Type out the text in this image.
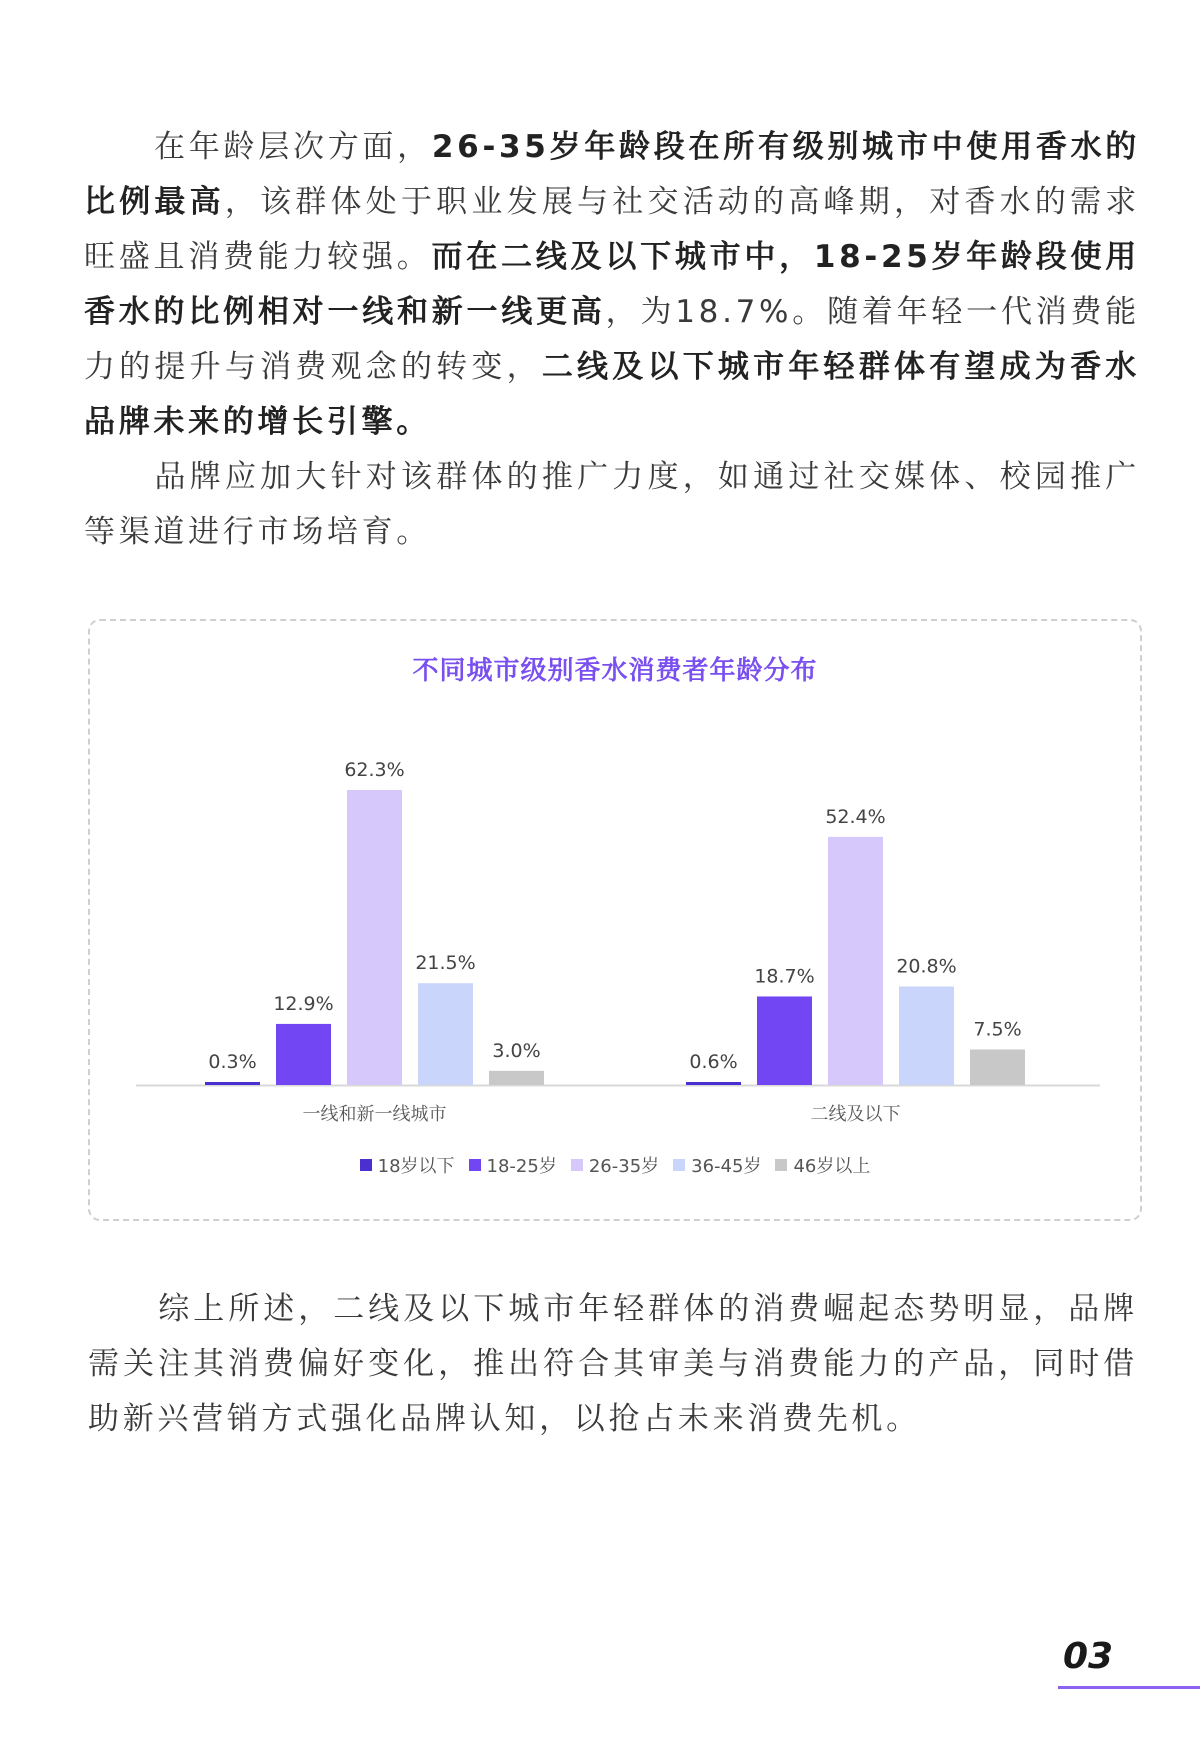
在年龄层次方面，26-35岁年龄段在所有级别城市中使用香水的比例最高，该群体处于职业发展与社交活动的高峰期，对香水的需求旺盛且消费能力较强。而在二线及以下城市中，18-25岁年龄段使用香水的比例相对一线和新一线更高，为18.7%。随着年轻一代消费能力的提升与消费观念的转变，二线及以下城市年轻群体有望成为香水品牌未来的增长引擎。

品牌应加大针对该群体的推广力度，如通过社交媒体、校园推广等渠道进行市场培育。

不同城市级别香水消费者年龄分布
0.3%
12.9%
62.3%
21.5%
3.0%
一线和新一线城市
0.6%
18.7%
52.4%
20.8%
7.5%
二线及以下
18岁以下 18-25岁 26-35岁 36-45岁 46岁以上

综上所述，二线及以下城市年轻群体的消费崛起态势明显，品牌需关注其消费偏好变化，推出符合其审美与消费能力的产品，同时借助新兴营销方式强化品牌认知，以抢占未来消费先机。

03
